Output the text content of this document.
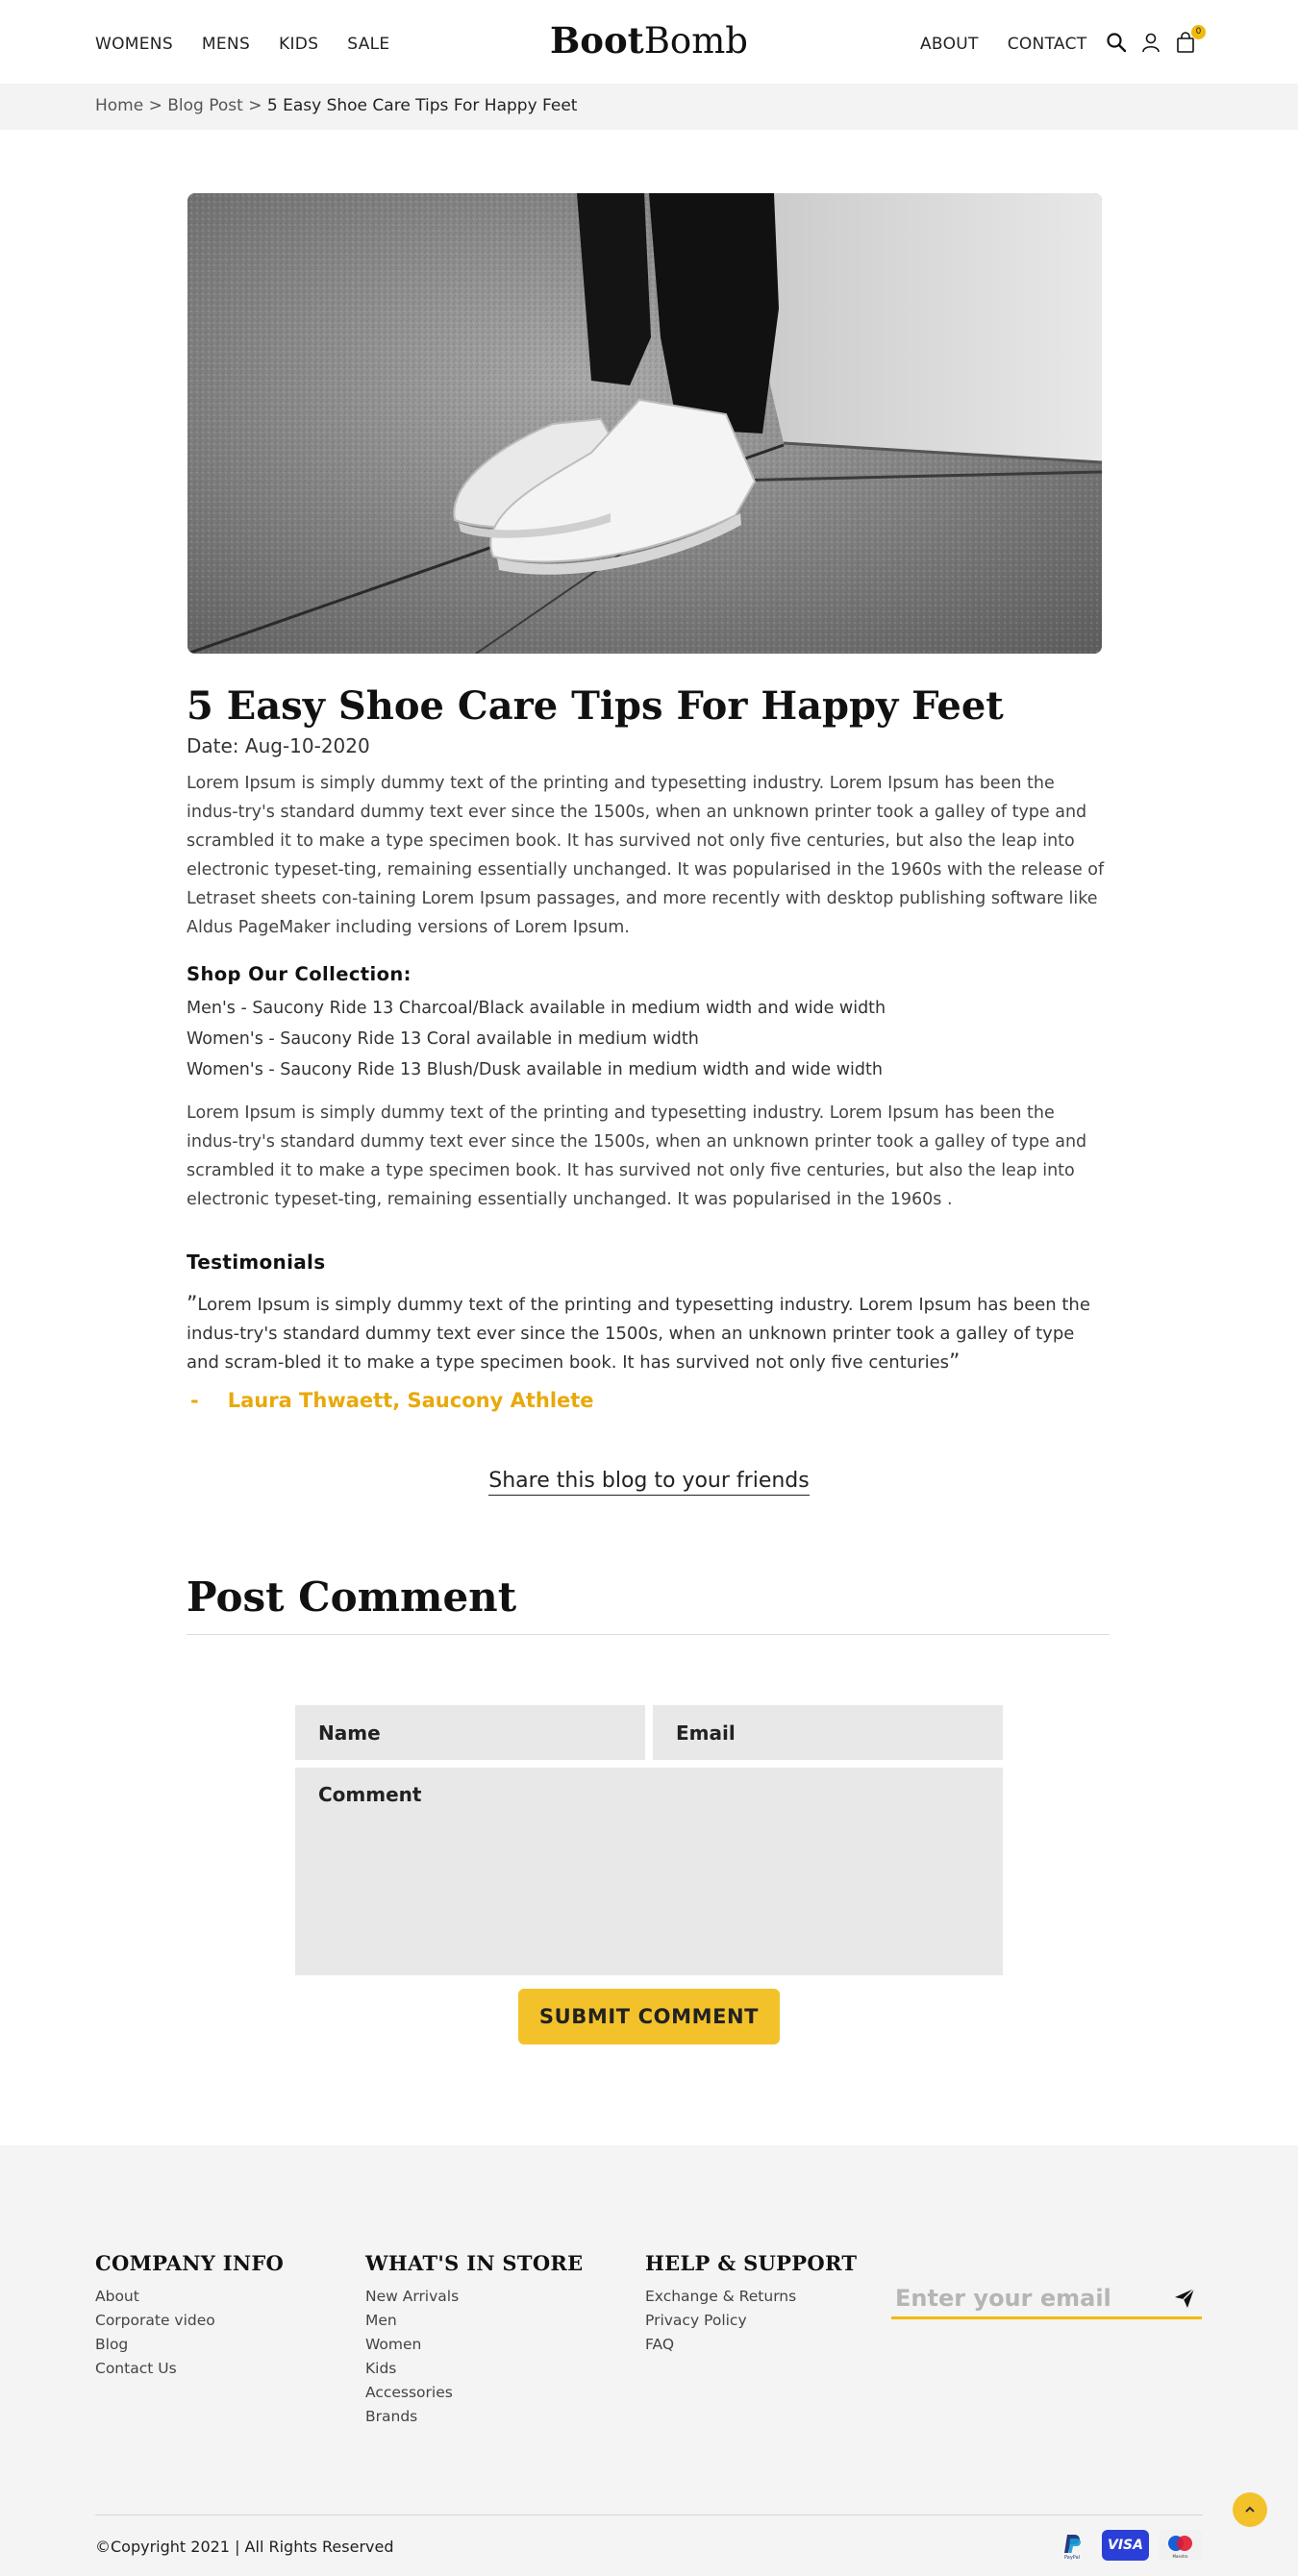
WOMENS MENS KIDS SALE	BootBomb	ABOUT CONTACT
0
Home > Blog Post > 5 Easy Shoe Care Tips For Happy Feet
5 Easy Shoe Care Tips For Happy Feet
Date: Aug-10-2020

Lorem Ipsum is simply dummy text of the printing and typesetting industry. Lorem Ipsum has been the indus-try's standard dummy text ever since the 1500s, when an unknown printer took a galley of type and scrambled it to make a type specimen book. It has survived not only five centuries, but also the leap into electronic typeset-ting, remaining essentially unchanged. It was popularised in the 1960s with the release of Letraset sheets con-taining Lorem Ipsum passages, and more recently with desktop publishing software like Aldus PageMaker including versions of Lorem Ipsum.

Shop Our Collection:
Men's - Saucony Ride 13 Charcoal/Black available in medium width and wide width
Women's - Saucony Ride 13 Coral available in medium width
Women's - Saucony Ride 13 Blush/Dusk available in medium width and wide width

Lorem Ipsum is simply dummy text of the printing and typesetting industry. Lorem Ipsum has been the indus-try's standard dummy text ever since the 1500s, when an unknown printer took a galley of type and scrambled it to make a type specimen book. It has survived not only five centuries, but also the leap into electronic typeset-ting, remaining essentially unchanged. It was popularised in the 1960s .

Testimonials

”Lorem Ipsum is simply dummy text of the printing and typesetting industry. Lorem Ipsum has been the indus-try's standard dummy text ever since the 1500s, when an unknown printer took a galley of type and scram-bled it to make a type specimen book. It has survived not only five centuries”

- Laura Thwaett, Saucony Athlete
Share this blog to your friends
Post Comment
Name
Email
Comment
SUBMIT COMMENT
COMPANY INFO
About
Corporate video
Blog
Contact Us
WHAT'S IN STORE
New Arrivals
Men
Women
Kids
Accessories
Brands
HELP & SUPPORT
Exchange & Returns
Privacy Policy
FAQ
Enter your email
©Copyright 2021 | All Rights Reserved
PayPal
VISA
Maestro
